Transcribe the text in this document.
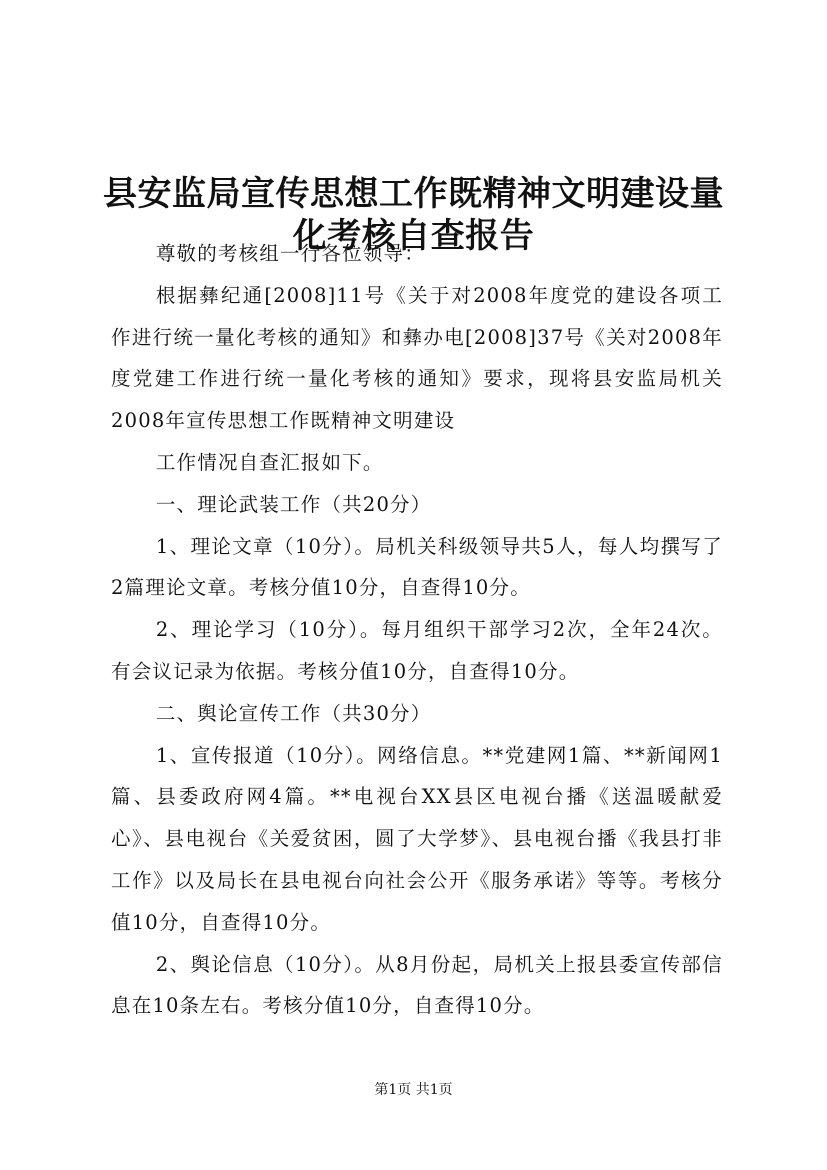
县安监局宣传思想工作既精神文明建设量化考核自查报告

尊敬的考核组一行各位领导：

根据彝纪通[2008]11号《关于对2008年度党的建设各项工作进行统一量化考核的通知》和彝办电[2008]37号《关对2008年度党建工作进行统一量化考核的通知》要求，现将县安监局机关2008年宣传思想工作既精神文明建设

工作情况自查汇报如下。

一、理论武装工作（共20分）

1、理论文章（10分）。局机关科级领导共5人，每人均撰写了2篇理论文章。考核分值10分，自查得10分。

2、理论学习（10分）。每月组织干部学习2次，全年24次。有会议记录为依据。考核分值10分，自查得10分。

二、舆论宣传工作（共30分）

1、宣传报道（10分）。网络信息。**党建网1篇、**新闻网1篇、县委政府网4篇。**电视台XX县区电视台播《送温暖献爱心》、县电视台《关爱贫困，圆了大学梦》、县电视台播《我县打非工作》以及局长在县电视台向社会公开《服务承诺》等等。考核分值10分，自查得10分。

2、舆论信息（10分）。从8月份起，局机关上报县委宣传部信息在10条左右。考核分值10分，自查得10分。

第1页 共1页
